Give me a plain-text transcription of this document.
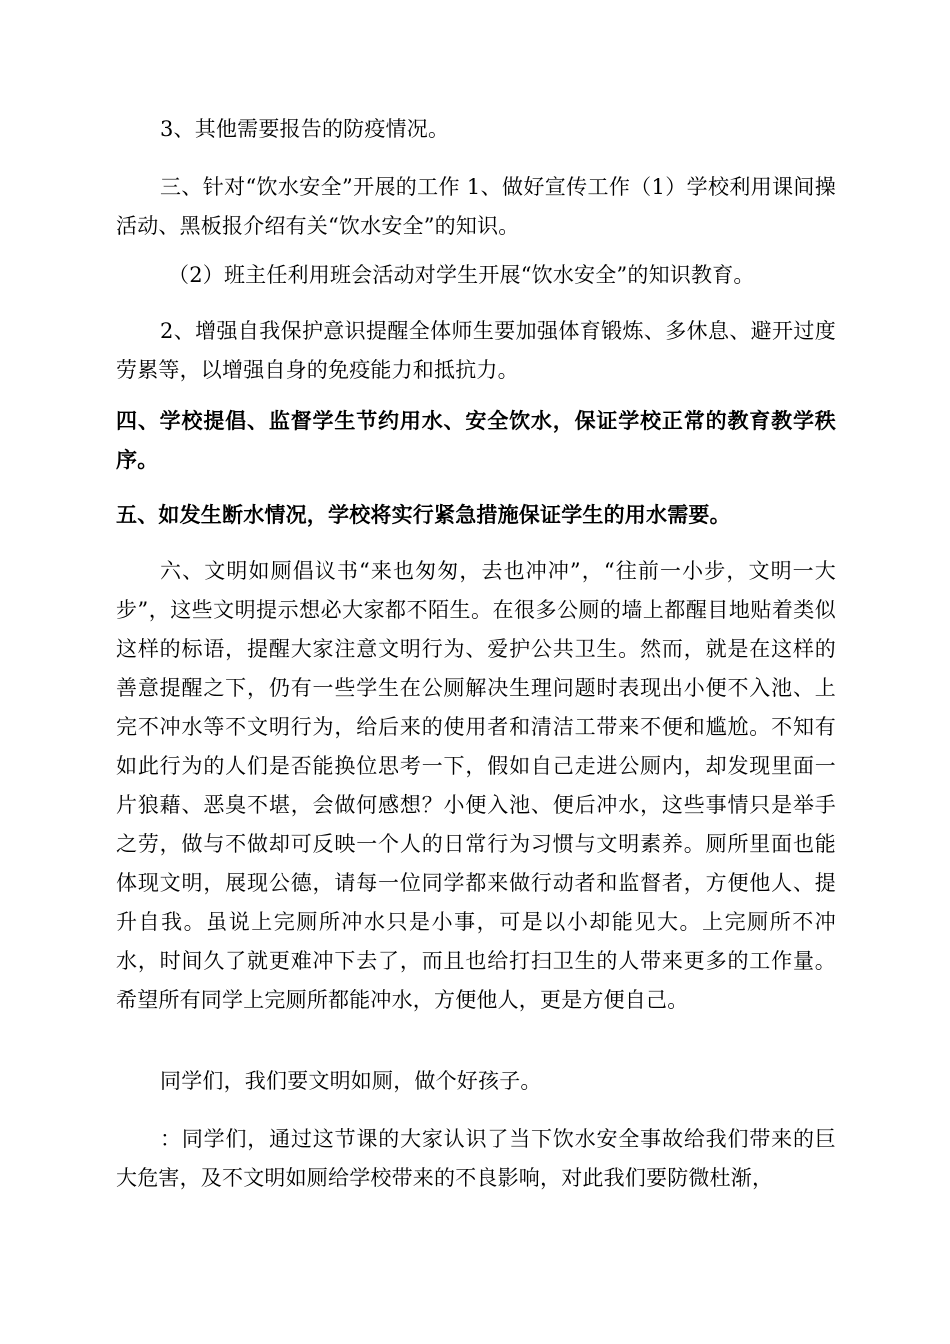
3、其他需要报告的防疫情况。

三、针对“饮水安全”开展的工作 1、做好宣传工作（1）学校利用课间操活动、黑板报介绍有关“饮水安全”的知识。

（2）班主任利用班会活动对学生开展“饮水安全”的知识教育。

2、增强自我保护意识提醒全体师生要加强体育锻炼、多休息、避开过度劳累等，以增强自身的免疫能力和抵抗力。

四、学校提倡、监督学生节约用水、安全饮水，保证学校正常的教育教学秩序。

五、如发生断水情况，学校将实行紧急措施保证学生的用水需要。

六、文明如厕倡议书“来也匆匆，去也冲冲”，“往前一小步，文明一大步”，这些文明提示想必大家都不陌生。在很多公厕的墙上都醒目地贴着类似这样的标语，提醒大家注意文明行为、爱护公共卫生。然而，就是在这样的善意提醒之下，仍有一些学生在公厕解决生理问题时表现出小便不入池、上完不冲水等不文明行为，给后来的使用者和清洁工带来不便和尴尬。不知有如此行为的人们是否能换位思考一下，假如自己走进公厕内，却发现里面一片狼藉、恶臭不堪，会做何感想？小便入池、便后冲水，这些事情只是举手之劳，做与不做却可反映一个人的日常行为习惯与文明素养。厕所里面也能体现文明，展现公德，请每一位同学都来做行动者和监督者，方便他人、提升自我。虽说上完厕所冲水只是小事，可是以小却能见大。上完厕所不冲水，时间久了就更难冲下去了，而且也给打扫卫生的人带来更多的工作量。希望所有同学上完厕所都能冲水，方便他人，更是方便自己。

同学们，我们要文明如厕，做个好孩子。

：同学们，通过这节课的大家认识了当下饮水安全事故给我们带来的巨大危害，及不文明如厕给学校带来的不良影响，对此我们要防微杜渐，
